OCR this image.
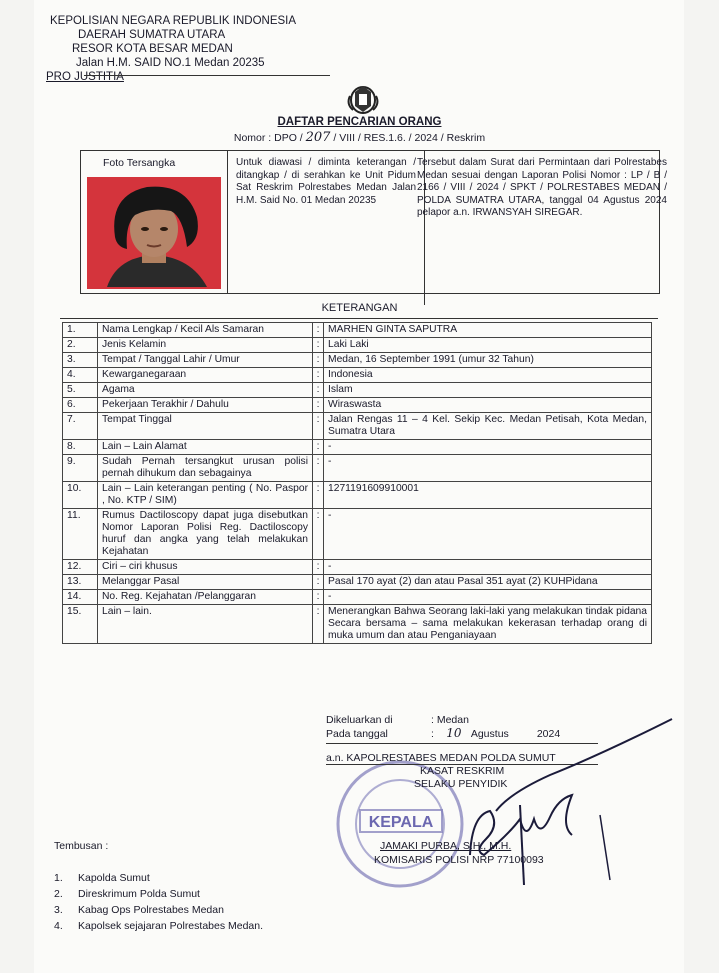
KEPOLISIAN NEGARA REPUBLIK INDONESIA
DAERAH SUMATRA UTARA
RESOR KOTA BESAR MEDAN
Jalan H.M. SAID NO.1 Medan 20235
PRO JUSTITIA
DAFTAR PENCARIAN ORANG
Nomor : DPO / 207 / VIII / RES.1.6. / 2024 / Reskrim
Foto Tersangka	Untuk diawasi / diminta keterangan / ditangkap / di serahkan ke Unit Pidum Sat Reskrim Polrestabes Medan Jalan H.M. Said No. 01 Medan 20235
Tersebut dalam Surat dari Permintaan dari Polrestabes Medan sesuai dengan Laporan Polisi Nomor : LP / B / 2166 / VIII / 2024 / SPKT / POLRESTABES MEDAN / POLDA SUMATRA UTARA, tanggal 04 Agustus 2024 pelapor a.n. IRWANSYAH SIREGAR.
KETERANGAN
1.	Nama Lengkap / Kecil Als Samaran	:	MARHEN GINTA SAPUTRA
2.	Jenis Kelamin	:	Laki Laki
3.	Tempat / Tanggal Lahir / Umur	:	Medan, 16 September 1991 (umur 32 Tahun)
4.	Kewarganegaraan	:	Indonesia
5.	Agama	:	Islam
6.	Pekerjaan Terakhir / Dahulu	:	Wiraswasta
7.	Tempat Tinggal	:	Jalan Rengas 11 – 4 Kel. Sekip Kec. Medan Petisah, Kota Medan, Sumatra Utara
8.	Lain – Lain Alamat	:	-
9.	Sudah Pernah tersangkut urusan polisi pernah dihukum dan sebagainya	:	-
10.	Lain – Lain keterangan penting ( No. Paspor , No. KTP / SIM)	:	1271191609910001
11.	Rumus Dactiloscopy dapat juga disebutkan Nomor Laporan Polisi Reg. Dactiloscopy huruf dan angka yang telah melakukan Kejahatan	:	-
12.	Ciri – ciri khusus	:	-
13.	Melanggar Pasal	:	Pasal 170 ayat (2) dan atau Pasal 351 ayat (2) KUHPidana
14.	No. Reg. Kejahatan /Pelanggaran	:	-
15.	Lain – lain.	:	Menerangkan Bahwa Seorang laki-laki yang melakukan tindak pidana Secara bersama – sama melakukan kekerasan terhadap orang di muka umum dan atau Penganiayaan
Dikeluarkan di	: Medan
Pada tanggal	: 10 Agustus	2024
KEPALA
a.n. KAPOLRESTABES MEDAN POLDA SUMUT
KASAT RESKRIM
SELAKU PENYIDIK
JAMAKI PURBA, S.H., M.H.
KOMISARIS POLISI NRP 77100093
Tembusan :
1. Kapolda Sumut
2. Direskrimum Polda Sumut
3. Kabag Ops Polrestabes Medan
4. Kapolsek sejajaran Polrestabes Medan.
